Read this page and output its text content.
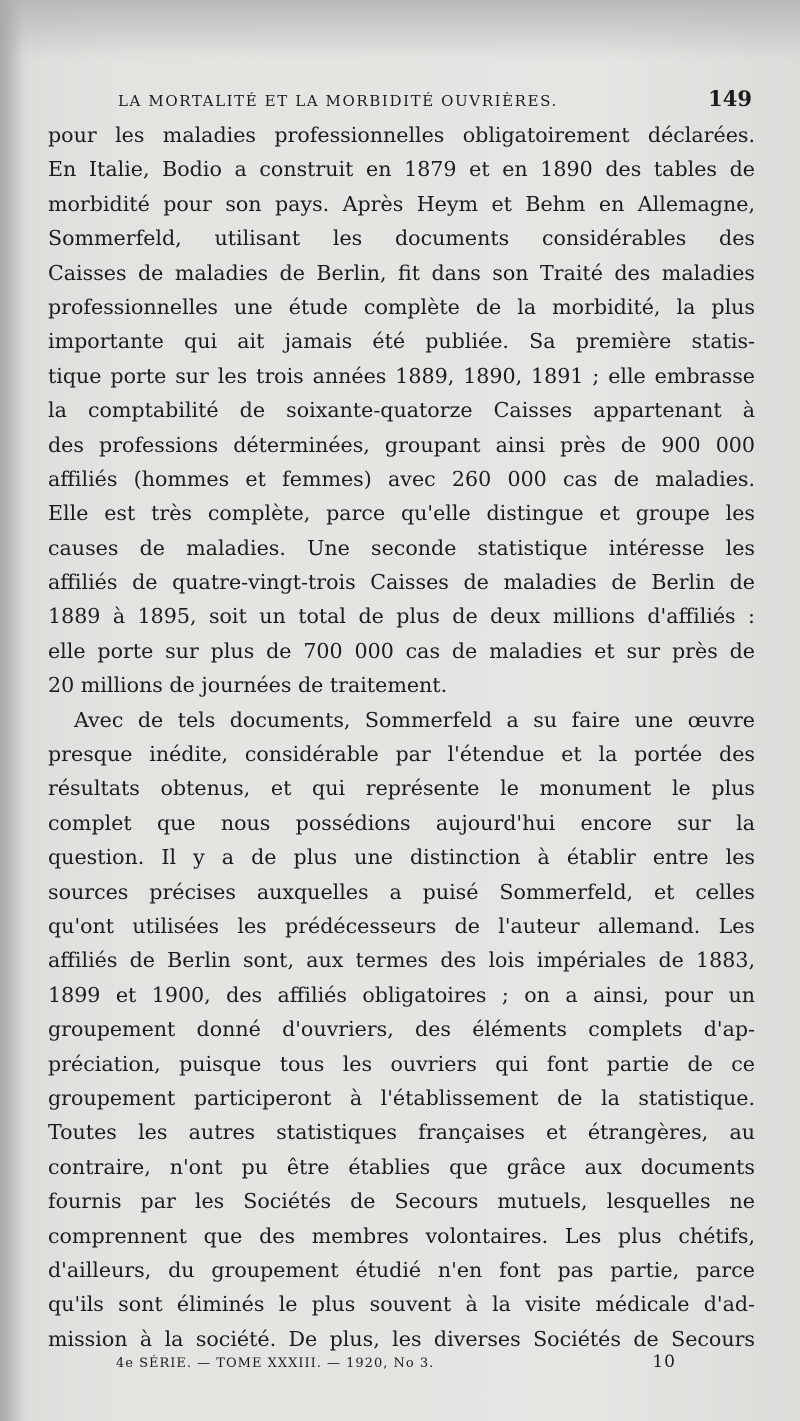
LA MORTALITÉ ET LA MORBIDITÉ OUVRIÈRES.	149
pour les maladies professionnelles obligatoirement déclarées.
En Italie, Bodio a construit en 1879 et en 1890 des tables de
morbidité pour son pays. Après Heym et Behm en Allemagne,
Sommerfeld, utilisant les documents considérables des
Caisses de maladies de Berlin, fit dans son Traité des maladies
professionnelles une étude complète de la morbidité, la plus
importante qui ait jamais été publiée. Sa première statis-
tique porte sur les trois années 1889, 1890, 1891 ; elle embrasse
la comptabilité de soixante-quatorze Caisses appartenant à
des professions déterminées, groupant ainsi près de 900 000
affiliés (hommes et femmes) avec 260 000 cas de maladies.
Elle est très complète, parce qu'elle distingue et groupe les
causes de maladies. Une seconde statistique intéresse les
affiliés de quatre-vingt-trois Caisses de maladies de Berlin de
1889 à 1895, soit un total de plus de deux millions d'affiliés :
elle porte sur plus de 700 000 cas de maladies et sur près de
20 millions de journées de traitement.
Avec de tels documents, Sommerfeld a su faire une œuvre
presque inédite, considérable par l'étendue et la portée des
résultats obtenus, et qui représente le monument le plus
complet que nous possédions aujourd'hui encore sur la
question. Il y a de plus une distinction à établir entre les
sources précises auxquelles a puisé Sommerfeld, et celles
qu'ont utilisées les prédécesseurs de l'auteur allemand. Les
affiliés de Berlin sont, aux termes des lois impériales de 1883,
1899 et 1900, des affiliés obligatoires ; on a ainsi, pour un
groupement donné d'ouvriers, des éléments complets d'ap-
préciation, puisque tous les ouvriers qui font partie de ce
groupement participeront à l'établissement de la statistique.
Toutes les autres statistiques françaises et étrangères, au
contraire, n'ont pu être établies que grâce aux documents
fournis par les Sociétés de Secours mutuels, lesquelles ne
comprennent que des membres volontaires. Les plus chétifs,
d'ailleurs, du groupement étudié n'en font pas partie, parce
qu'ils sont éliminés le plus souvent à la visite médicale d'ad-
mission à la société. De plus, les diverses Sociétés de Secours
4e SÉRIE. — TOME XXXIII. — 1920, No 3.	10
